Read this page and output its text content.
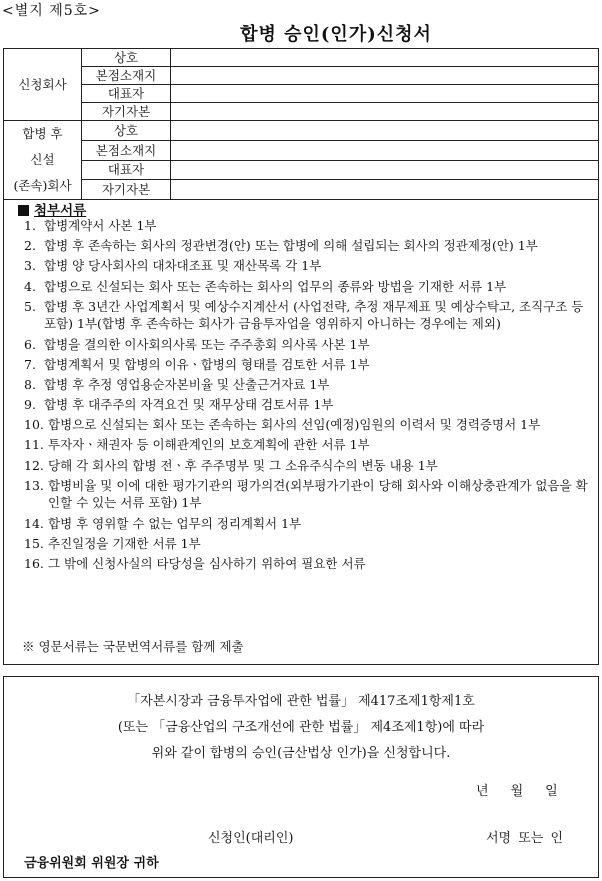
<별지 제5호>
합병 승인(인가)신청서
신청회사	상호	
	본점소재지	
	대표자	
	자기자본	

합병 후
신설
(존속)회사	상호	
	본점소재지	
	대표자	
	자기자본	
첨부서류
1. 합병계약서 사본 1부
2. 합병 후 존속하는 회사의 정관변경(안) 또는 합병에 의해 설립되는 회사의 정관제정(안) 1부
3. 합병 양 당사회사의 대차대조표 및 재산목록 각 1부
4. 합병으로 신설되는 회사 또는 존속하는 회사의 업무의 종류와 방법을 기재한 서류 1부
5. 합병 후 3년간 사업계획서 및 예상수지계산서 (사업전략, 추정 재무제표 및 예상수탁고, 조직구조 등 포함) 1부(합병 후 존속하는 회사가 금융투자업을 영위하지 아니하는 경우에는 제외)
6. 합병을 결의한 이사회의사록 또는 주주총회 의사록 사본 1부
7. 합병계획서 및 합병의 이유ㆍ합병의 형태를 검토한 서류 1부
8. 합병 후 추정 영업용순자본비율 및 산출근거자료 1부
9. 합병 후 대주주의 자격요건 및 재무상태 검토서류 1부
10. 합병으로 신설되는 회사 또는 존속하는 회사의 선임(예정)임원의 이력서 및 경력증명서 1부
11. 투자자ㆍ채권자 등 이해관계인의 보호계획에 관한 서류 1부
12. 당해 각 회사의 합병 전ㆍ후 주주명부 및 그 소유주식수의 변동 내용 1부
13. 합병비율 및 이에 대한 평가기관의 평가의견(외부평가기관이 당해 회사와 이해상충관계가 없음을 확인할 수 있는 서류 포함) 1부
14. 합병 후 영위할 수 없는 업무의 정리계획서 1부
15. 추진일정을 기재한 서류 1부
16. 그 밖에 신청사실의 타당성을 심사하기 위하여 필요한 서류
※ 영문서류는 국문번역서류를 함께 제출
「자본시장과 금융투자업에 관한 법률」 제417조제1항제1호
(또는 「금융산업의 구조개선에 관한 법률」 제4조제1항)에 따라
위와 같이 합병의 승인(금산법상 인가)을 신청합니다.
년 월 일
신청인(대리인)	서명 또는 인
금융위원회 위원장 귀하
